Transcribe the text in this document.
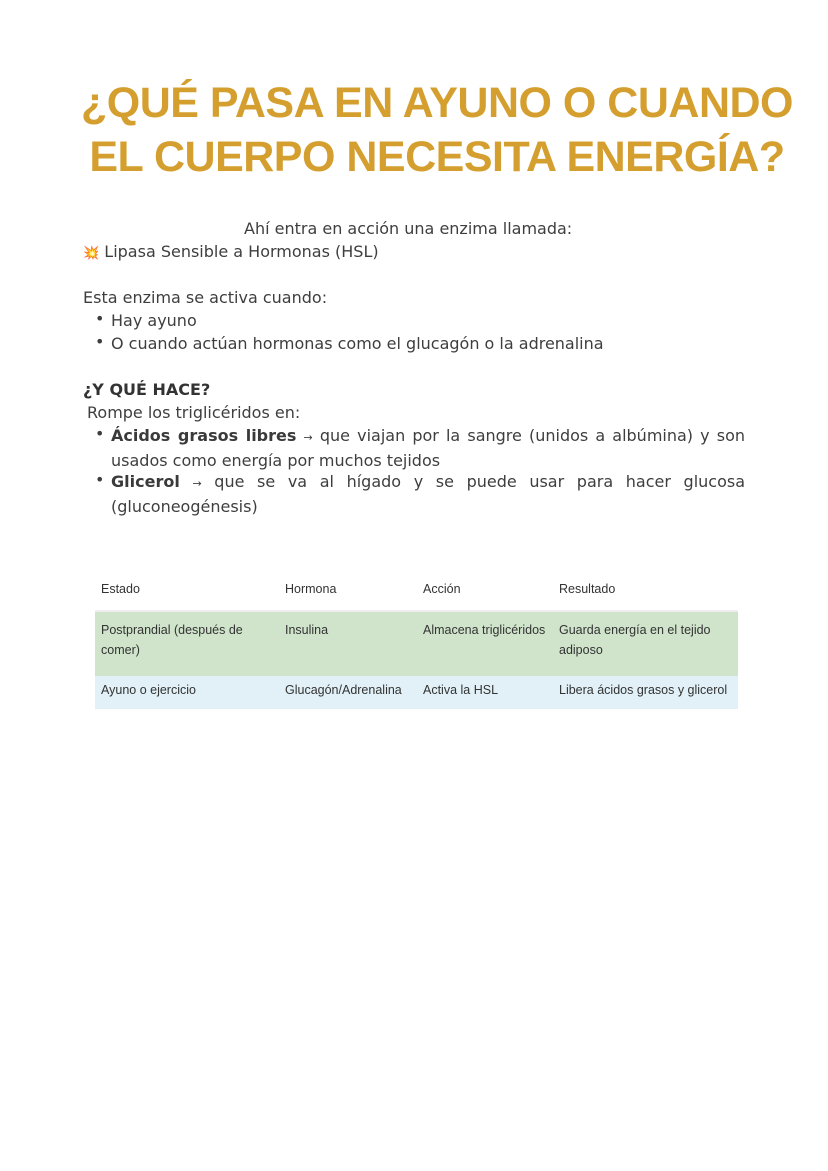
¿QUÉ PASA EN AYUNO O CUANDO
EL CUERPO NECESITA ENERGÍA?
Ahí entra en acción una enzima llamada:
💥 Lipasa Sensible a Hormonas (HSL)
Esta enzima se activa cuando:
• Hay ayuno
• O cuando actúan hormonas como el glucagón o la adrenalina
¿Y QUÉ HACE?
Rompe los triglicéridos en:
• Ácidos grasos libres → que viajan por la sangre (unidos a albúmina) y son usados como energía por muchos tejidos
• Glicerol → que se va al hígado y se puede usar para hacer glucosa (gluconeogénesis)
Estado	Hormona	Acción	Resultado
Postprandial (después de comer)	Insulina	Almacena triglicéridos	Guarda energía en el tejido adiposo
Ayuno o ejercicio	Glucagón/Adrenalina	Activa la HSL	Libera ácidos grasos y glicerol
